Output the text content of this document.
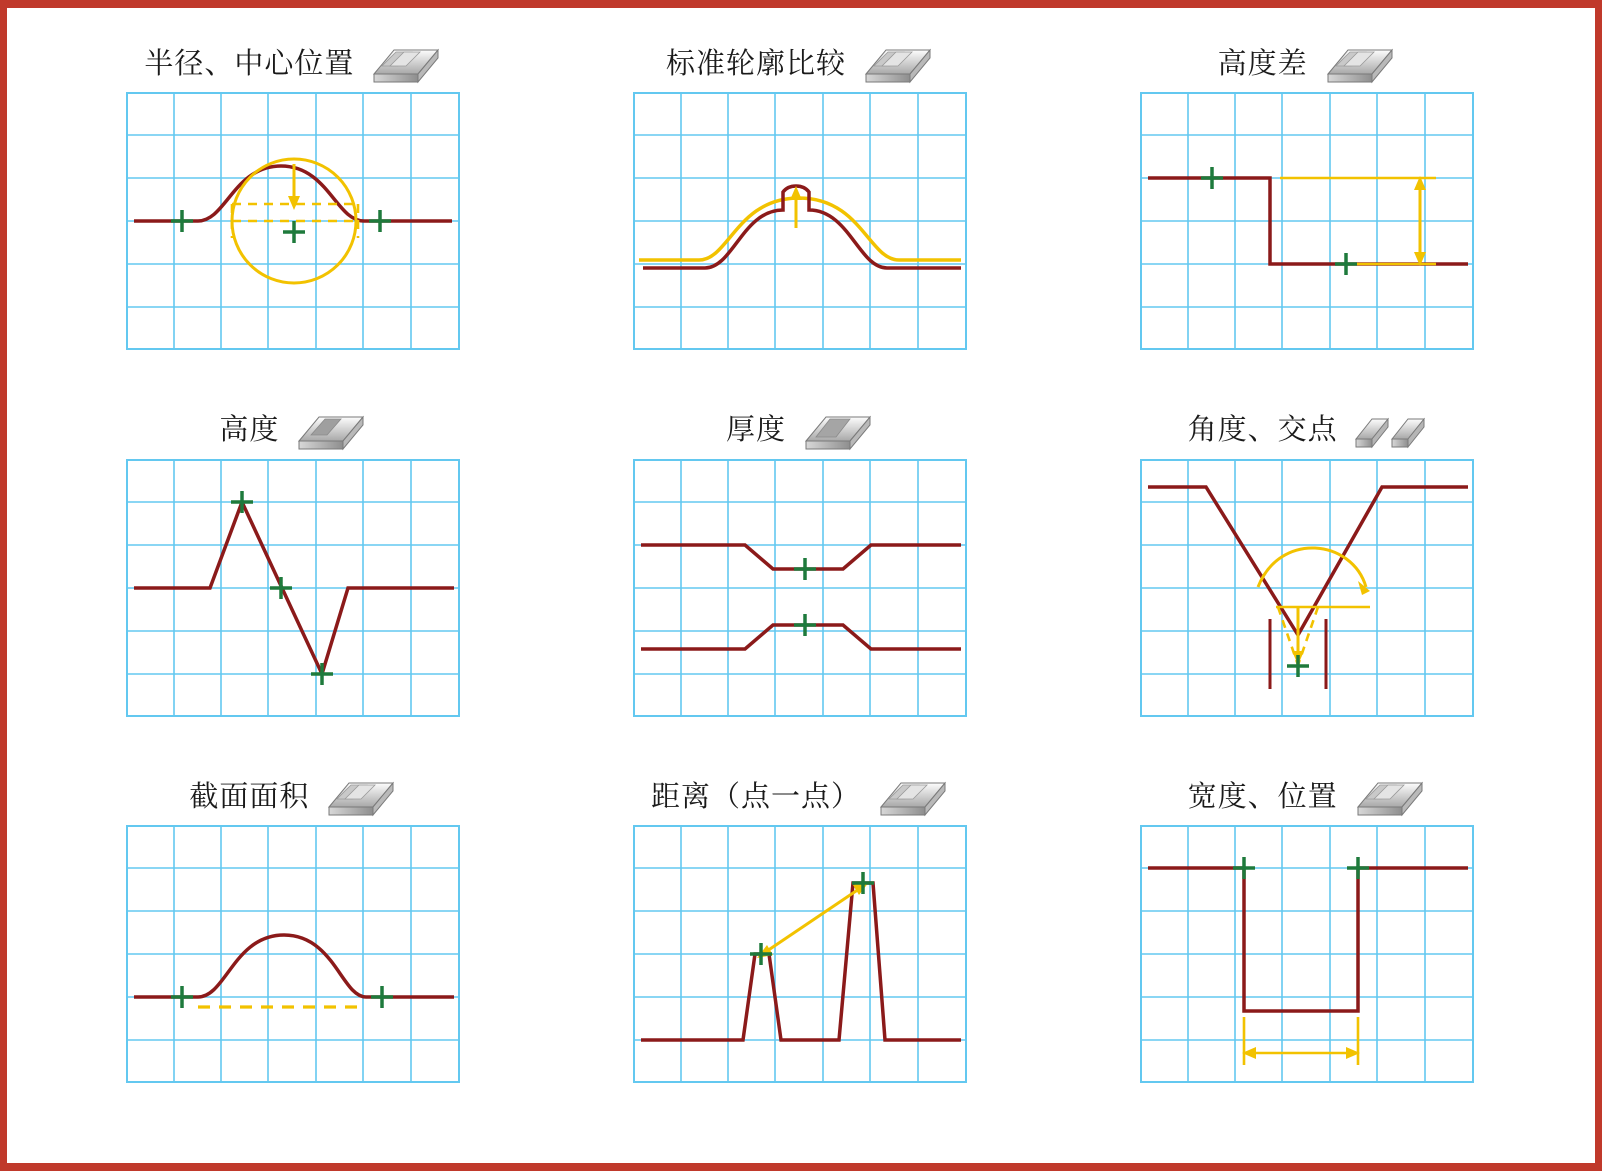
半径、中心位置	标准轮廓比较	高度差
高度	厚度	角度、交点
截面面积	距离（点一点）	宽度、位置
